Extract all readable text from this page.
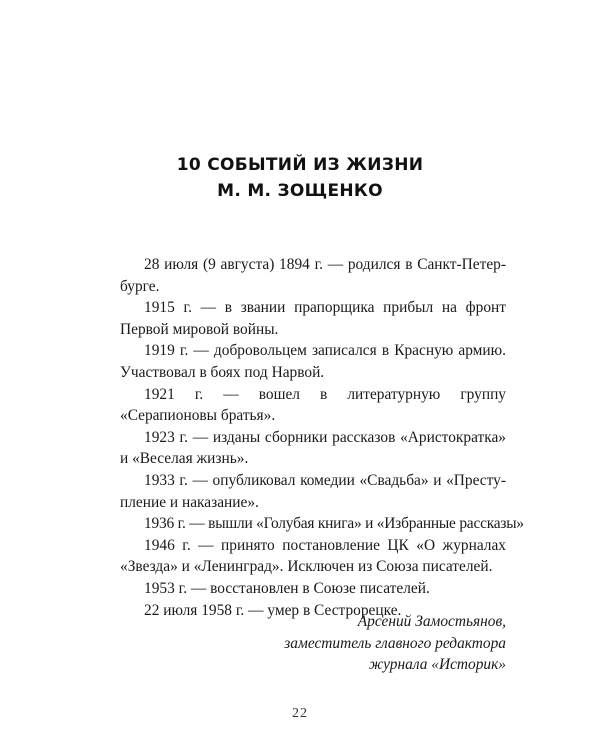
10 СОБЫТИЙ ИЗ ЖИЗНИ
М. М. ЗОЩЕНКО

28 июля (9 августа) 1894 г. — родился в Санкт-Петербурге.

1915 г. — в звании прапорщика прибыл на фронт Первой мировой войны.

1919 г. — добровольцем записался в Красную армию. Участвовал в боях под Нарвой.

1921 г. — вошел в литературную группу «Серапионовы братья».

1923 г. — изданы сборники рассказов «Аристократка» и «Веселая жизнь».

1933 г. — опубликовал комедии «Свадьба» и «Преступление и наказание».

1936 г. — вышли «Голубая книга» и «Избранные рассказы»

1946 г. — принято постановление ЦК «О журналах «Звезда» и «Ленинград». Исключен из Союза писателей.

1953 г. — восстановлен в Союзе писателей.

22 июля 1958 г. — умер в Сестрорецке.

Арсений Замостьянов,
заместитель главного редактора
журнала «Историк»
22
